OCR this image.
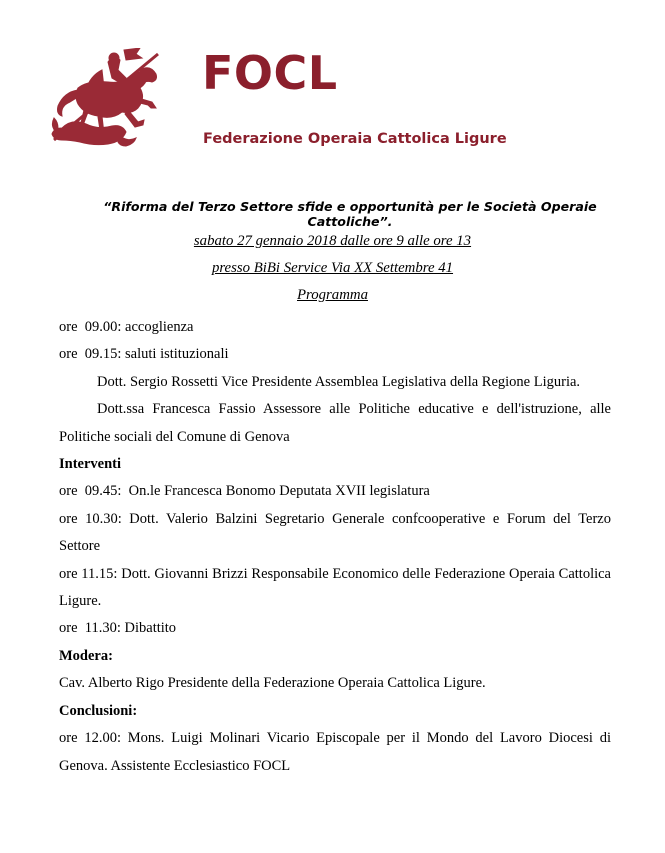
FOCL

Federazione Operaia Cattolica Ligure

“Riforma del Terzo Settore sfide e opportunità per le Società Operaie Cattoliche”.

sabato 27 gennaio 2018 dalle ore 9 alle ore 13

presso BiBi Service Via XX Settembre 41

Programma

ore  09.00: accoglienza

ore  09.15: saluti istituzionali

Dott. Sergio Rossetti Vice Presidente Assemblea Legislativa della Regione Liguria.

Dott.ssa Francesca Fassio Assessore alle Politiche educative e dell'istruzione, alle Politiche sociali del Comune di Genova

Interventi

ore  09.45:  On.le Francesca Bonomo Deputata XVII legislatura

ore 10.30: Dott. Valerio Balzini Segretario Generale confcooperative e Forum del Terzo Settore

ore 11.15: Dott. Giovanni Brizzi Responsabile Economico delle Federazione Operaia Cattolica Ligure.

ore  11.30: Dibattito

Modera:

Cav. Alberto Rigo Presidente della Federazione Operaia Cattolica Ligure.

Conclusioni:

ore 12.00: Mons. Luigi Molinari Vicario Episcopale per il Mondo del Lavoro Diocesi di Genova. Assistente Ecclesiastico FOCL
